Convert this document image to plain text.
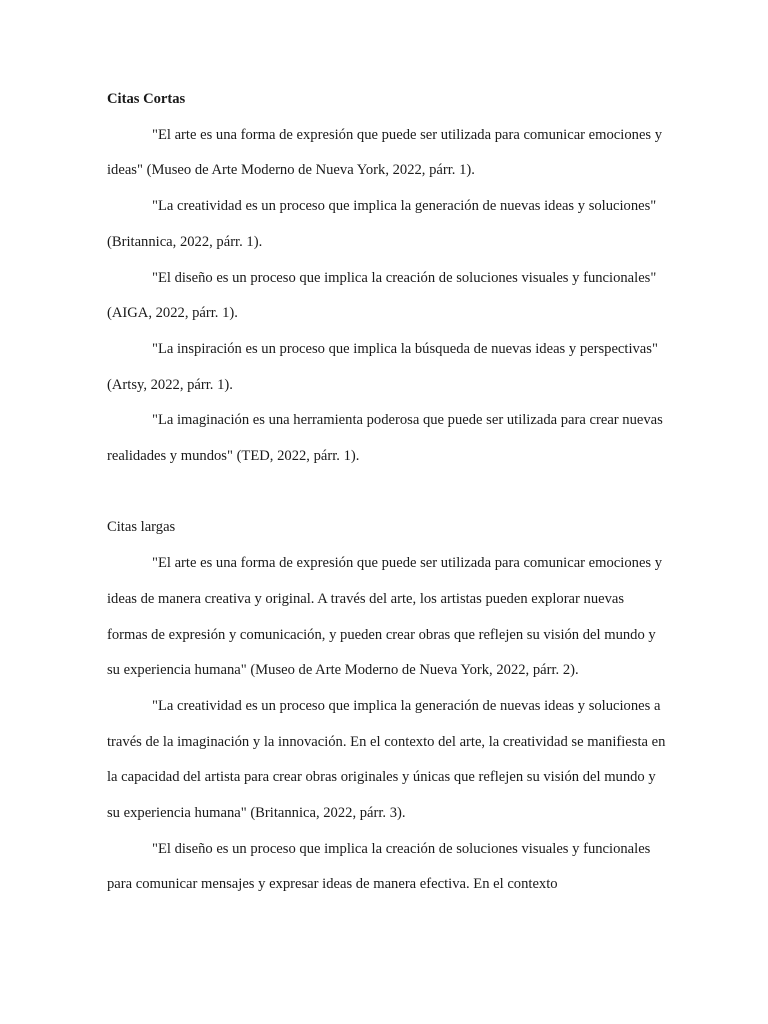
Citas Cortas

"El arte es una forma de expresión que puede ser utilizada para comunicar emociones y ideas" (Museo de Arte Moderno de Nueva York, 2022, párr. 1).

"La creatividad es un proceso que implica la generación de nuevas ideas y soluciones" (Britannica, 2022, párr. 1).

"El diseño es un proceso que implica la creación de soluciones visuales y funcionales" (AIGA, 2022, párr. 1).

"La inspiración es un proceso que implica la búsqueda de nuevas ideas y perspectivas" (Artsy, 2022, párr. 1).

"La imaginación es una herramienta poderosa que puede ser utilizada para crear nuevas realidades y mundos" (TED, 2022, párr. 1).

Citas largas

"El arte es una forma de expresión que puede ser utilizada para comunicar emociones y ideas de manera creativa y original. A través del arte, los artistas pueden explorar nuevas formas de expresión y comunicación, y pueden crear obras que reflejen su visión del mundo y su experiencia humana" (Museo de Arte Moderno de Nueva York, 2022, párr. 2).

"La creatividad es un proceso que implica la generación de nuevas ideas y soluciones a través de la imaginación y la innovación. En el contexto del arte, la creatividad se manifiesta en la capacidad del artista para crear obras originales y únicas que reflejen su visión del mundo y su experiencia humana" (Britannica, 2022, párr. 3).

"El diseño es un proceso que implica la creación de soluciones visuales y funcionales para comunicar mensajes y expresar ideas de manera efectiva. En el contexto
